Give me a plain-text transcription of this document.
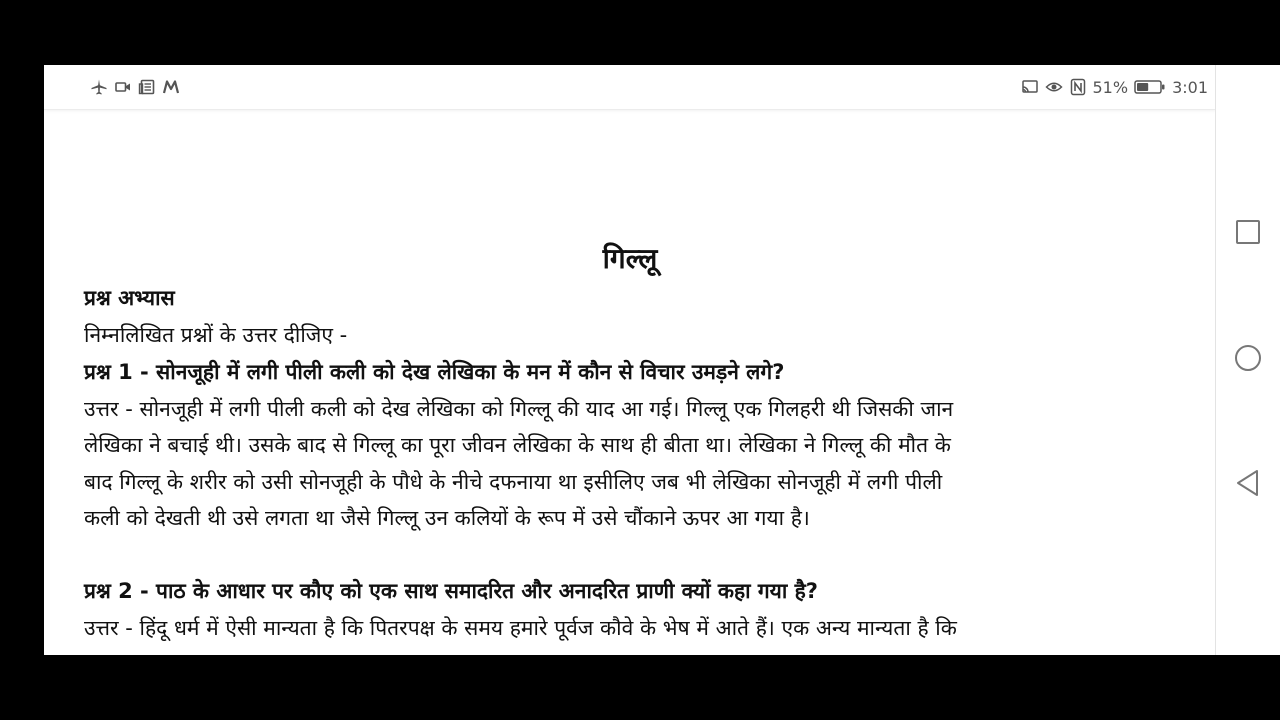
51%	3:01
गिल्लू

प्रश्न अभ्यास

निम्नलिखित प्रश्नों के उत्तर दीजिए -

प्रश्न 1 - सोनजूही में लगी पीली कली को देख लेखिका के मन में कौन से विचार उमड़ने लगे?

उत्तर - सोनजूही में लगी पीली कली को देख लेखिका को गिल्लू की याद आ गई। गिल्लू एक गिलहरी थी जिसकी जान

लेखिका ने बचाई थी। उसके बाद से गिल्लू का पूरा जीवन लेखिका के साथ ही बीता था। लेखिका ने गिल्लू की मौत के

बाद गिल्लू के शरीर को उसी सोनजूही के पौधे के नीचे दफनाया था इसीलिए जब भी लेखिका सोनजूही में लगी पीली

कली को देखती थी उसे लगता था जैसे गिल्लू उन कलियों के रूप में उसे चौंकाने ऊपर आ गया है।

प्रश्न 2 - पाठ के आधार पर कौए को एक साथ समादरित और अनादरित प्राणी क्यों कहा गया है?

उत्तर - हिंदू धर्म में ऐसी मान्यता है कि पितरपक्ष के समय हमारे पूर्वज कौवे के भेष में आते हैं। एक अन्य मान्यता है कि
